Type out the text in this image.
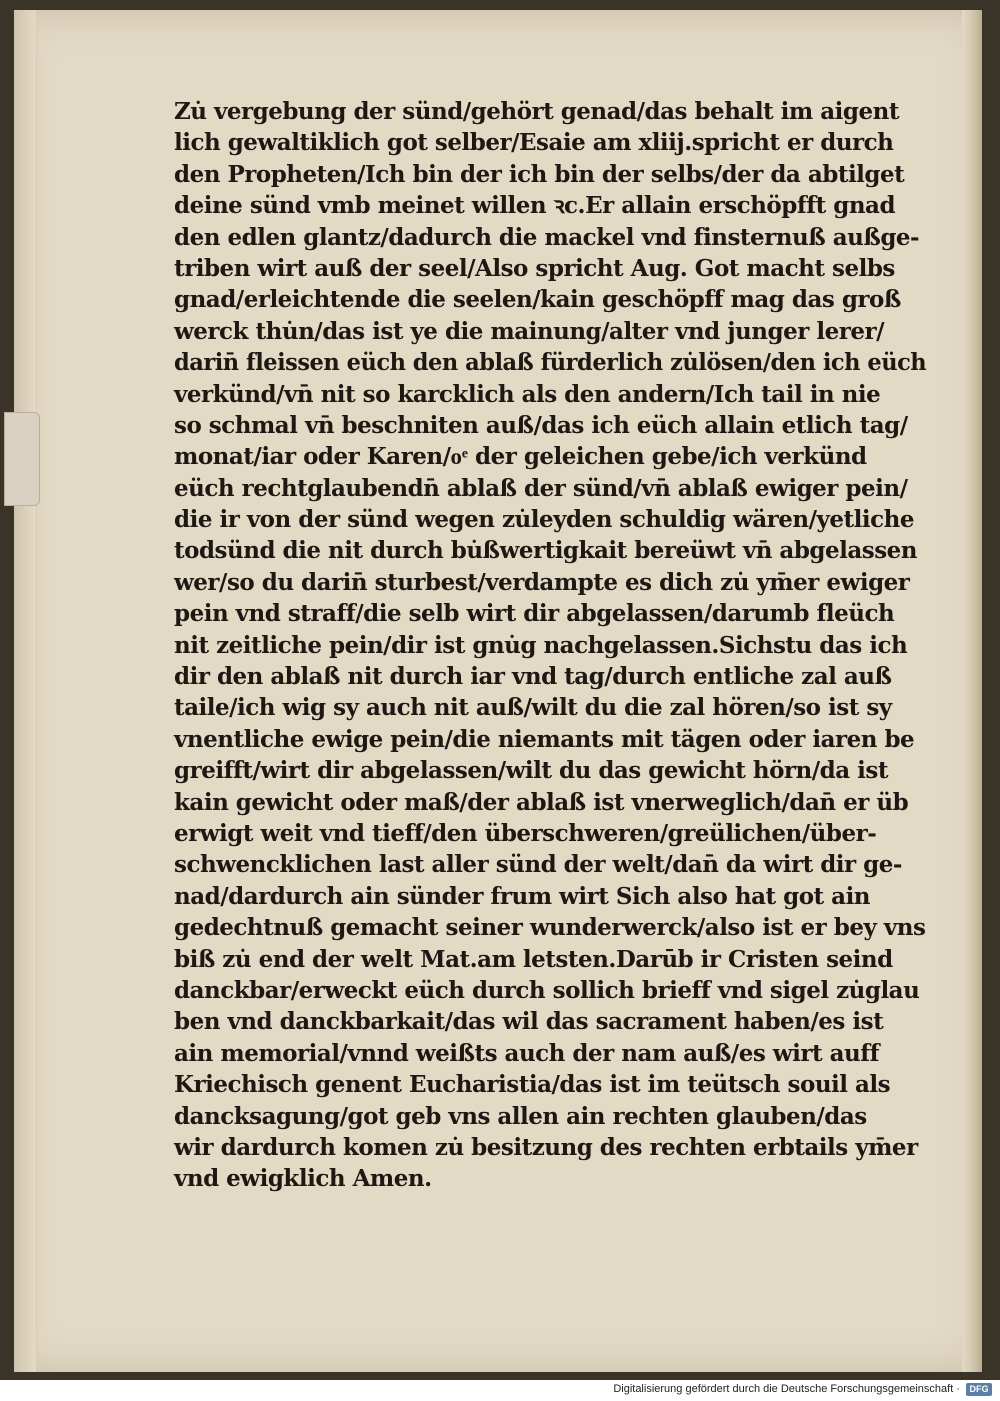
Zu̇ vergebung der sünd/gehört genad/das behalt im aigent
lich gewaltiklich got selber/Esaie am xliij.spricht er durch
den Propheten/Ich bin der ich bin der selbs/der da abtilget
deine sünd vmb meinet willen ꝛc.Er allain erschöpfft gnad
den edlen glantz/dadurch die mackel vnd finsternuß außge-
triben wirt auß der seel/Also spricht Aug. Got macht selbs
gnad/erleichtende die seelen/kain geschöpff mag das groß
werck thu̇n/das ist ye die mainung/alter vnd junger lerer/
darin̄ fleissen eüch den ablaß fürderlich zu̇lösen/den ich eüch
verkünd/vn̄ nit so karcklich als den andern/Ich tail in nie
so schmal vn̄ beschniten auß/das ich eüch allain etlich tag/
monat/iar oder Karen/oͤ der geleichen gebe/ich verkünd
eüch rechtglaubendn̄ ablaß der sünd/vn̄ ablaß ewiger pein/
die ir von der sünd wegen zu̇leyden schuldig wären/yetliche
todsünd die nit durch bu̇ßwertigkait bereüwt vn̄ abgelassen
wer/so du darin̄ sturbest/verdampte es dich zu̇ ym̄er ewiger
pein vnd straff/die selb wirt dir abgelassen/darumb fleüch
nit zeitliche pein/dir ist gnu̇g nachgelassen.Sichstu das ich
dir den ablaß nit durch iar vnd tag/durch entliche zal auß
taile/ich wig sy auch nit auß/wilt du die zal hören/so ist sy
vnentliche ewige pein/die niemants mit tägen oder iaren be
greifft/wirt dir abgelassen/wilt du das gewicht hörn/da ist
kain gewicht oder maß/der ablaß ist vnerweglich/dan̄ er üb
erwigt weit vnd tieff/den überschweren/greülichen/über-
schwencklichen last aller sünd der welt/dan̄ da wirt dir ge-
nad/dardurch ain sünder frum wirt Sich also hat got ain
gedechtnuß gemacht seiner wunderwerck/also ist er bey vns
biß zu̇ end der welt Mat.am letsten.Darūb ir Cristen seind
danckbar/erweckt eüch durch sollich brieff vnd sigel zu̇glau
ben vnd danckbarkait/das wil das sacrament haben/es ist
ain memorial/vnnd weißts auch der nam auß/es wirt auff
Kriechisch genent Eucharistia/das ist im teütsch souil als
dancksagung/got geb vns allen ain rechten glauben/das
wir dardurch komen zu̇ besitzung des rechten erbtails ym̄er
vnd ewigklich Amen.
Digitalisierung gefördert durch die Deutsche Forschungsgemeinschaft ·	DFG
